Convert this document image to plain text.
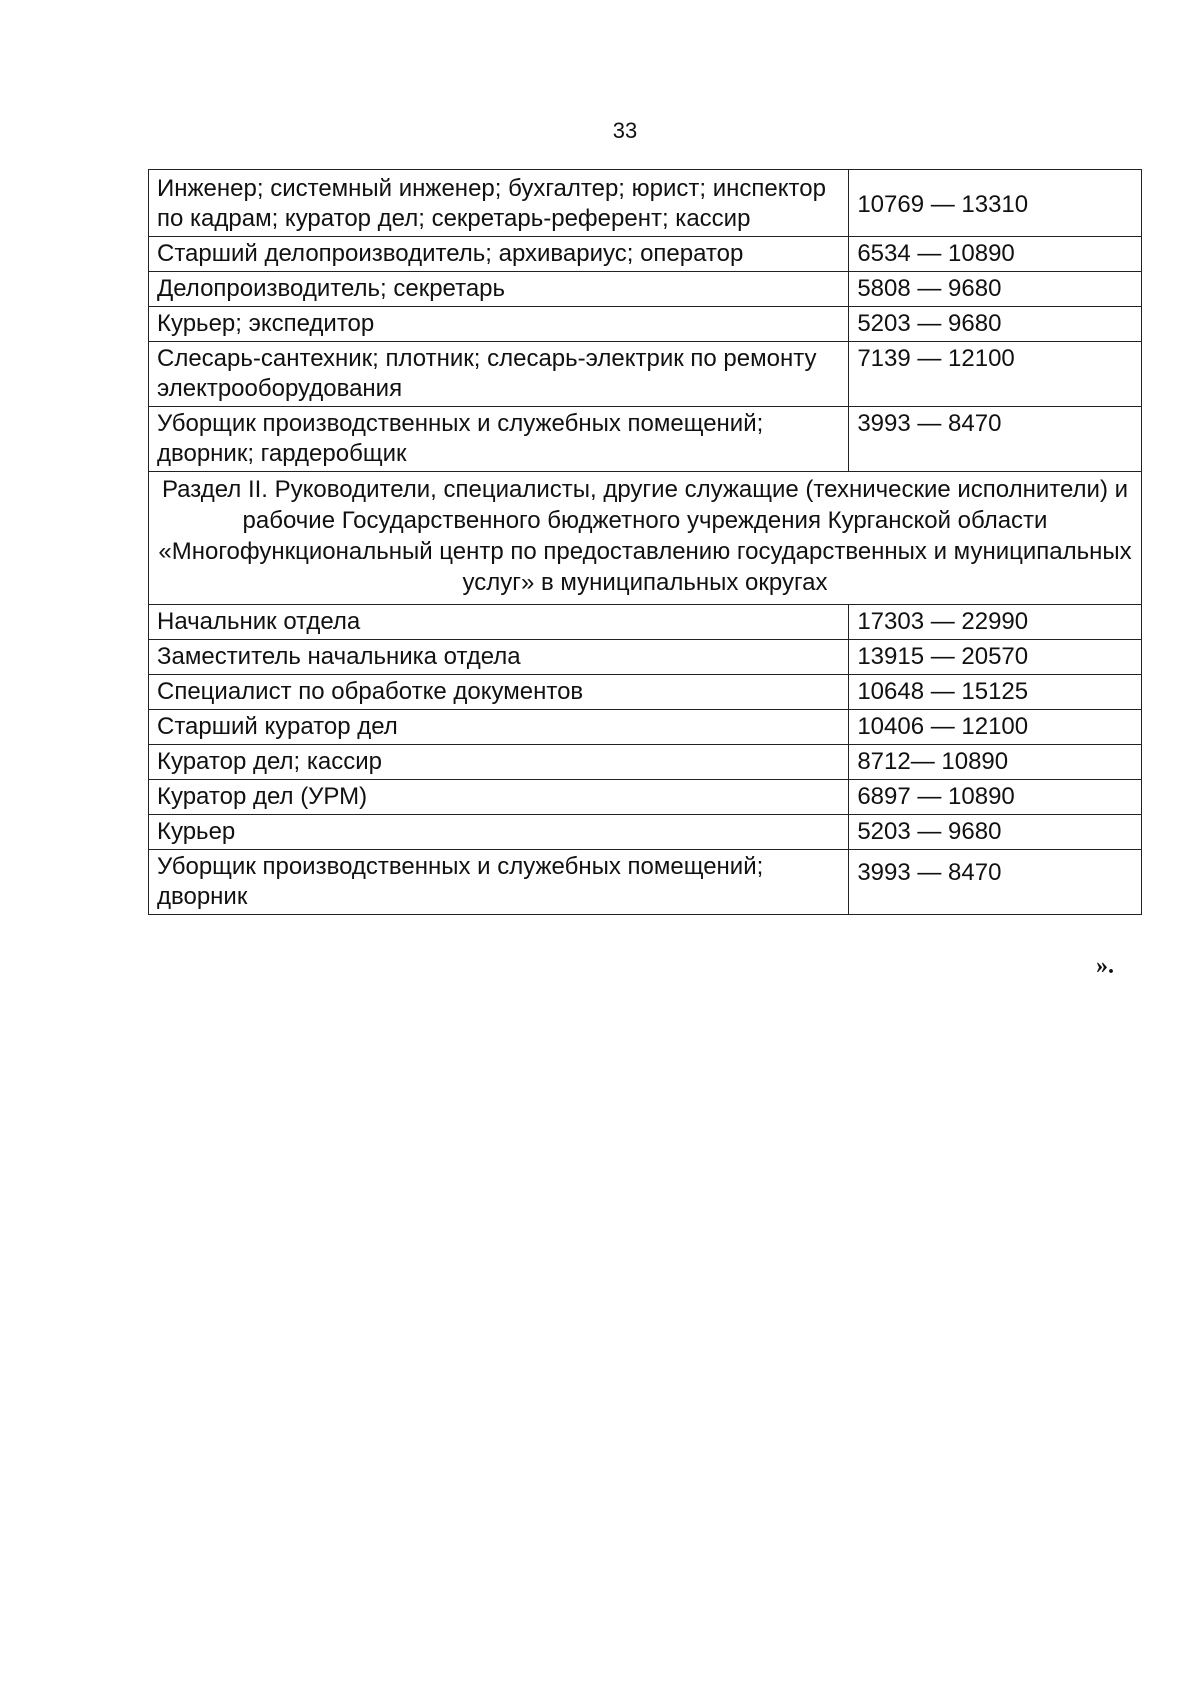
33
Инженер; системный инженер; бухгалтер; юрист; инспектор по кадрам; куратор дел; секретарь-референт; кассир	10769 — 13310
Старший делопроизводитель; архивариус; оператор	6534 — 10890
Делопроизводитель; секретарь	5808 — 9680
Курьер; экспедитор	5203 — 9680
Слесарь-сантехник; плотник; слесарь-электрик по ремонту электрооборудования	7139 — 12100
Уборщик производственных и служебных помещений; дворник; гардеробщик	3993 — 8470
Раздел II. Руководители, специалисты, другие служащие (технические исполнители) и рабочие Государственного бюджетного учреждения Курганской области «Многофункциональный центр по предоставлению государственных и муниципальных услуг» в муниципальных округах	
Начальник отдела	17303 — 22990
Заместитель начальника отдела	13915 — 20570
Специалист по обработке документов	10648 — 15125
Старший куратор дел	10406 — 12100
Куратор дел; кассир	8712— 10890
Куратор дел (УРМ)	6897 — 10890
Курьер	5203 — 9680
Уборщик производственных и служебных помещений; дворник	3993 — 8470
».
